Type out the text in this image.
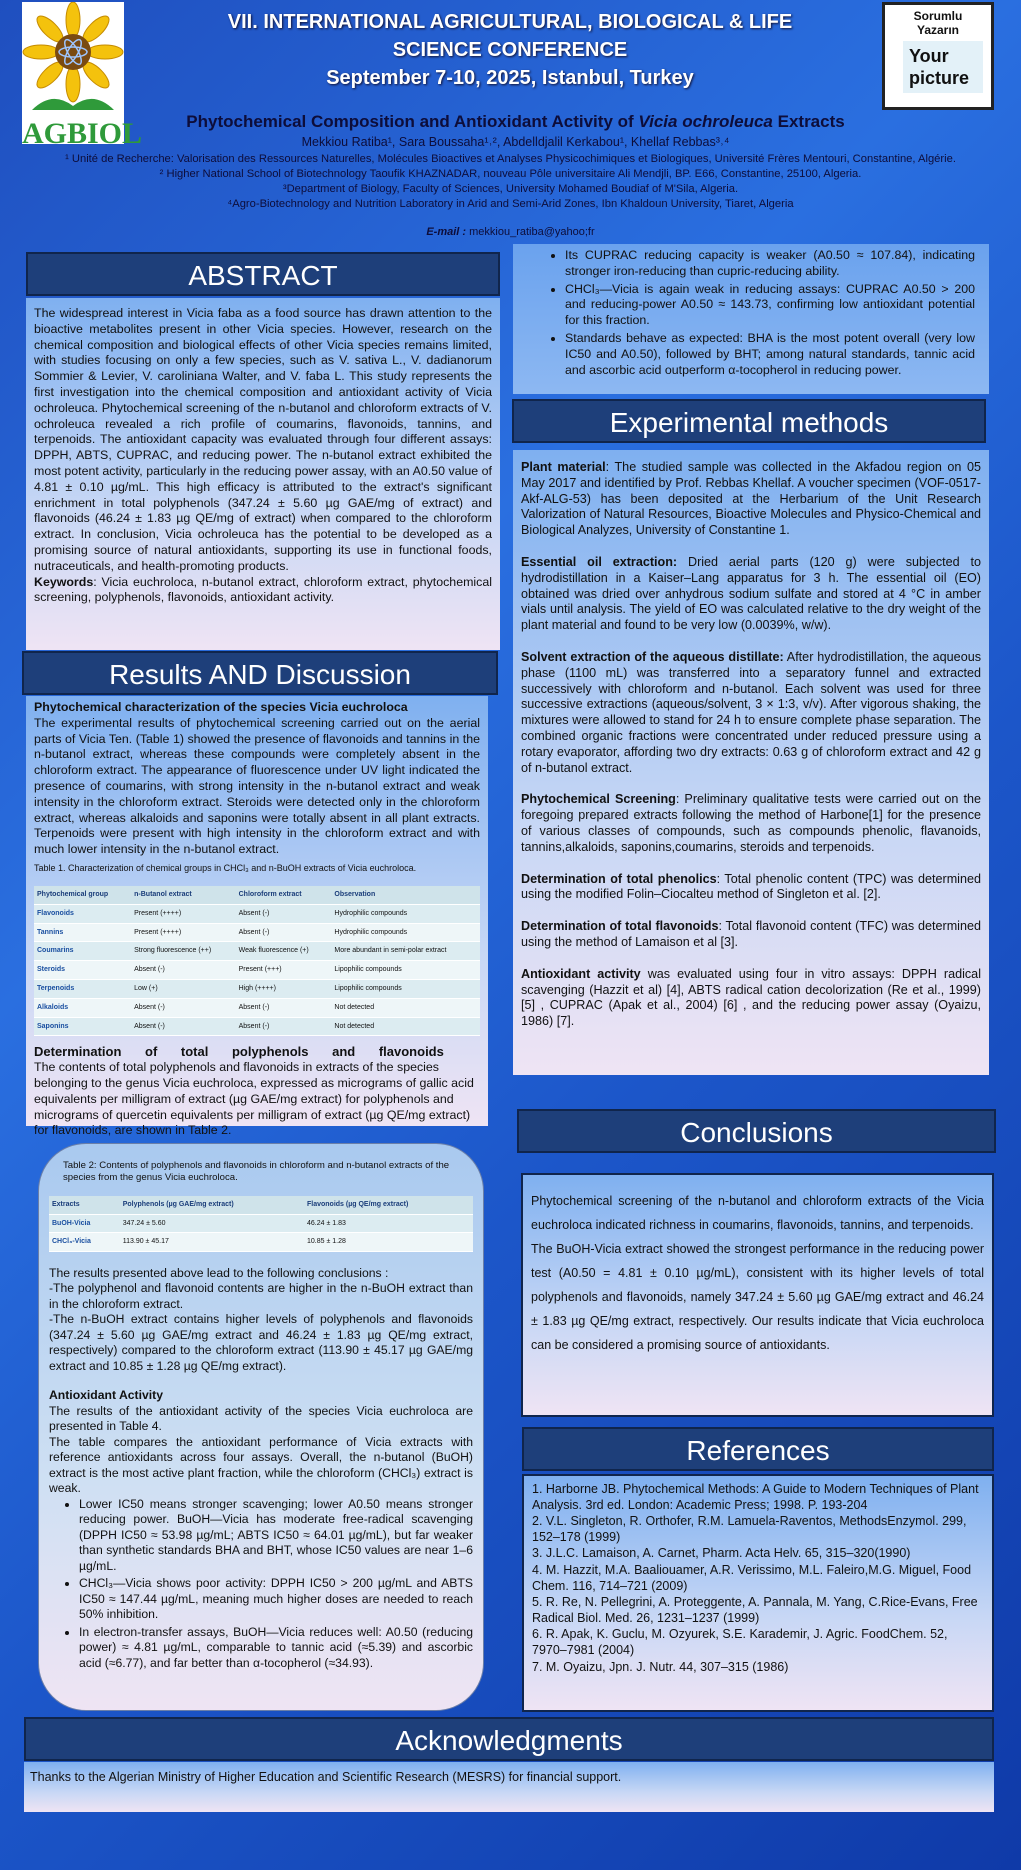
AGBIOL
VII. INTERNATIONAL AGRICULTURAL, BIOLOGICAL & LIFE
SCIENCE CONFERENCE
September 7-10, 2025, Istanbul, Turkey
Sorumlu Yazarın
Your picture
Phytochemical Composition and Antioxidant Activity of Vicia ochroleuca Extracts
Mekkiou Ratiba¹, Sara Boussaha¹˒², Abdelldjalil Kerkabou¹, Khellaf Rebbas³˒⁴
¹ Unité de Recherche: Valorisation des Ressources Naturelles, Molécules Bioactives et Analyses Physicochimiques et Biologiques, Université Frères Mentouri, Constantine, Algérie.
² Higher National School of Biotechnology Taoufik KHAZNADAR, nouveau Pôle universitaire Ali Mendjli, BP. E66, Constantine, 25100, Algeria.
³Department of Biology, Faculty of Sciences, University Mohamed Boudiaf of M'Sila, Algeria.
⁴Agro-Biotechnology and Nutrition Laboratory in Arid and Semi-Arid Zones, Ibn Khaldoun University, Tiaret, Algeria
E-mail : mekkiou_ratiba@yahoo;fr
ABSTRACT

The widespread interest in Vicia faba as a food source has drawn attention to the bioactive metabolites present in other Vicia species. However, research on the chemical composition and biological effects of other Vicia species remains limited, with studies focusing on only a few species, such as V. sativa L., V. dadianorum Sommier & Levier, V. caroliniana Walter, and V. faba L. This study represents the first investigation into the chemical composition and antioxidant activity of Vicia ochroleuca. Phytochemical screening of the n-butanol and chloroform extracts of V. ochroleuca revealed a rich profile of coumarins, flavonoids, tannins, and terpenoids. The antioxidant capacity was evaluated through four different assays: DPPH, ABTS, CUPRAC, and reducing power. The n-butanol extract exhibited the most potent activity, particularly in the reducing power assay, with an A0.50 value of 4.81 ± 0.10 µg/mL. This high efficacy is attributed to the extract's significant enrichment in total polyphenols (347.24 ± 5.60 µg GAE/mg of extract) and flavonoids (46.24 ± 1.83 µg QE/mg of extract) when compared to the chloroform extract. In conclusion, Vicia ochroleuca has the potential to be developed as a promising source of natural antioxidants, supporting its use in functional foods, nutraceuticals, and health-promoting products.

Keywords: Vicia euchroloca, n-butanol extract, chloroform extract, phytochemical screening, polyphenols, flavonoids, antioxidant activity.

Results AND Discussion

Phytochemical characterization of the species Vicia euchroloca

The experimental results of phytochemical screening carried out on the aerial parts of Vicia Ten. (Table 1) showed the presence of flavonoids and tannins in the n-butanol extract, whereas these compounds were completely absent in the chloroform extract. The appearance of fluorescence under UV light indicated the presence of coumarins, with strong intensity in the n-butanol extract and weak intensity in the chloroform extract. Steroids were detected only in the chloroform extract, whereas alkaloids and saponins were totally absent in all plant extracts. Terpenoids were present with high intensity in the chloroform extract and with much lower intensity in the n-butanol extract.

Table 1. Characterization of chemical groups in CHCl₃ and n-BuOH extracts of Vicia euchroloca.

Phytochemical group	n-Butanol extract	Chloroform extract	Observation
Flavonoids	Present (++++)	Absent (-)	Hydrophilic compounds
Tannins	Present (++++)	Absent (-)	Hydrophilic compounds
Coumarins	Strong fluorescence (++)	Weak fluorescence (+)	More abundant in semi-polar extract
Steroids	Absent (-)	Present (+++)	Lipophilic compounds
Terpenoids	Low (+)	High (++++)	Lipophilic compounds
Alkaloids	Absent (-)	Absent (-)	Not detected
Saponins	Absent (-)	Absent (-)	Not detected

Determination of total polyphenols and flavonoids

The contents of total polyphenols and flavonoids in extracts of the species belonging to the genus Vicia euchroloca, expressed as micrograms of gallic acid equivalents per milligram of extract (µg GAE/mg extract) for polyphenols and micrograms of quercetin equivalents per milligram of extract (µg QE/mg extract) for flavonoids, are shown in Table 2.

Table 2: Contents of polyphenols and flavonoids in chloroform and n-butanol extracts of the species from the genus Vicia euchroloca.

Extracts	Polyphenols (µg GAE/mg extract)	Flavonoids (µg QE/mg extract)
BuOH-Vicia	347.24 ± 5.60	46.24 ± 1.83
CHCl₃-Vicia	113.90 ± 45.17	10.85 ± 1.28

The results presented above lead to the following conclusions :

-The polyphenol and flavonoid contents are higher in the n-BuOH extract than in the chloroform extract.

-The n-BuOH extract contains higher levels of polyphenols and flavonoids (347.24 ± 5.60 µg GAE/mg extract and 46.24 ± 1.83 µg QE/mg extract, respectively) compared to the chloroform extract (113.90 ± 45.17 µg GAE/mg extract and 10.85 ± 1.28 µg QE/mg extract).

Antioxidant Activity

The results of the antioxidant activity of the species Vicia euchroloca are presented in Table 4.

The table compares the antioxidant performance of Vicia extracts with reference antioxidants across four assays. Overall, the n-butanol (BuOH) extract is the most active plant fraction, while the chloroform (CHCl₃) extract is weak.

• Lower IC50 means stronger scavenging; lower A0.50 means stronger reducing power. BuOH—Vicia has moderate free-radical scavenging (DPPH IC50 ≈ 53.98 µg/mL; ABTS IC50 ≈ 64.01 µg/mL), but far weaker than synthetic standards BHA and BHT, whose IC50 values are near 1–6 µg/mL.
• CHCl₃—Vicia shows poor activity: DPPH IC50 > 200 µg/mL and ABTS IC50 ≈ 147.44 µg/mL, meaning much higher doses are needed to reach 50% inhibition.
• In electron-transfer assays, BuOH—Vicia reduces well: A0.50 (reducing power) ≈ 4.81 µg/mL, comparable to tannic acid (≈5.39) and ascorbic acid (≈6.77), and far better than α-tocopherol (≈34.93).
• Its CUPRAC reducing capacity is weaker (A0.50 ≈ 107.84), indicating stronger iron-reducing than cupric-reducing ability.
• CHCl₃—Vicia is again weak in reducing assays: CUPRAC A0.50 > 200 and reducing-power A0.50 ≈ 143.73, confirming low antioxidant potential for this fraction.
• Standards behave as expected: BHA is the most potent overall (very low IC50 and A0.50), followed by BHT; among natural standards, tannic acid and ascorbic acid outperform α-tocopherol in reducing power.
Experimental methods

Plant material: The studied sample was collected in the Akfadou region on 05 May 2017 and identified by Prof. Rebbas Khellaf. A voucher specimen (VOF-0517-Akf-ALG-53) has been deposited at the Herbarium of the Unit Research Valorization of Natural Resources, Bioactive Molecules and Physico-Chemical and Biological Analyzes, University of Constantine 1.

Essential oil extraction: Dried aerial parts (120 g) were subjected to hydrodistillation in a Kaiser–Lang apparatus for 3 h. The essential oil (EO) obtained was dried over anhydrous sodium sulfate and stored at 4 °C in amber vials until analysis. The yield of EO was calculated relative to the dry weight of the plant material and found to be very low (0.0039%, w/w).

Solvent extraction of the aqueous distillate: After hydrodistillation, the aqueous phase (1100 mL) was transferred into a separatory funnel and extracted successively with chloroform and n-butanol. Each solvent was used for three successive extractions (aqueous/solvent, 3 × 1:3, v/v). After vigorous shaking, the mixtures were allowed to stand for 24 h to ensure complete phase separation. The combined organic fractions were concentrated under reduced pressure using a rotary evaporator, affording two dry extracts: 0.63 g of chloroform extract and 42 g of n-butanol extract.

Phytochemical Screening: Preliminary qualitative tests were carried out on the foregoing prepared extracts following the method of Harbone[1] for the presence of various classes of compounds, such as compounds phenolic, flavanoids, tannins,alkaloids, saponins,coumarins, steroids and terpenoids.

Determination of total phenolics: Total phenolic content (TPC) was determined using the modified Folin–Ciocalteu method of Singleton et al. [2].

Determination of total flavonoids: Total flavonoid content (TFC) was determined using the method of Lamaison et al [3].

Antioxidant activity was evaluated using four in vitro assays: DPPH radical scavenging (Hazzit et al) [4], ABTS radical cation decolorization (Re et al., 1999) [5] , CUPRAC (Apak et al., 2004) [6] , and the reducing power assay (Oyaizu, 1986) [7].

Conclusions

Phytochemical screening of the n-butanol and chloroform extracts of the Vicia euchroloca indicated richness in coumarins, flavonoids, tannins, and terpenoids.

The BuOH-Vicia extract showed the strongest performance in the reducing power test (A0.50 = 4.81 ± 0.10 µg/mL), consistent with its higher levels of total polyphenols and flavonoids, namely 347.24 ± 5.60 µg GAE/mg extract and 46.24 ± 1.83 µg QE/mg extract, respectively. Our results indicate that Vicia euchroloca can be considered a promising source of antioxidants.

References

1. Harborne JB. Phytochemical Methods: A Guide to Modern Techniques of Plant Analysis. 3rd ed. London: Academic Press; 1998. P. 193-204

2. V.L. Singleton, R. Orthofer, R.M. Lamuela-Raventos, MethodsEnzymol. 299, 152–178 (1999)

3. J.L.C. Lamaison, A. Carnet, Pharm. Acta Helv. 65, 315–320(1990)

4. M. Hazzit, M.A. Baaliouamer, A.R. Verissimo, M.L. Faleiro,M.G. Miguel, Food Chem. 116, 714–721 (2009)

5. R. Re, N. Pellegrini, A. Proteggente, A. Pannala, M. Yang, C.Rice-Evans, Free Radical Biol. Med. 26, 1231–1237 (1999)

6. R. Apak, K. Guclu, M. Ozyurek, S.E. Karademir, J. Agric. FoodChem. 52, 7970–7981 (2004)

7. M. Oyaizu, Jpn. J. Nutr. 44, 307–315 (1986)

Acknowledgments

Thanks to the Algerian Ministry of Higher Education and Scientific Research (MESRS) for financial support.
